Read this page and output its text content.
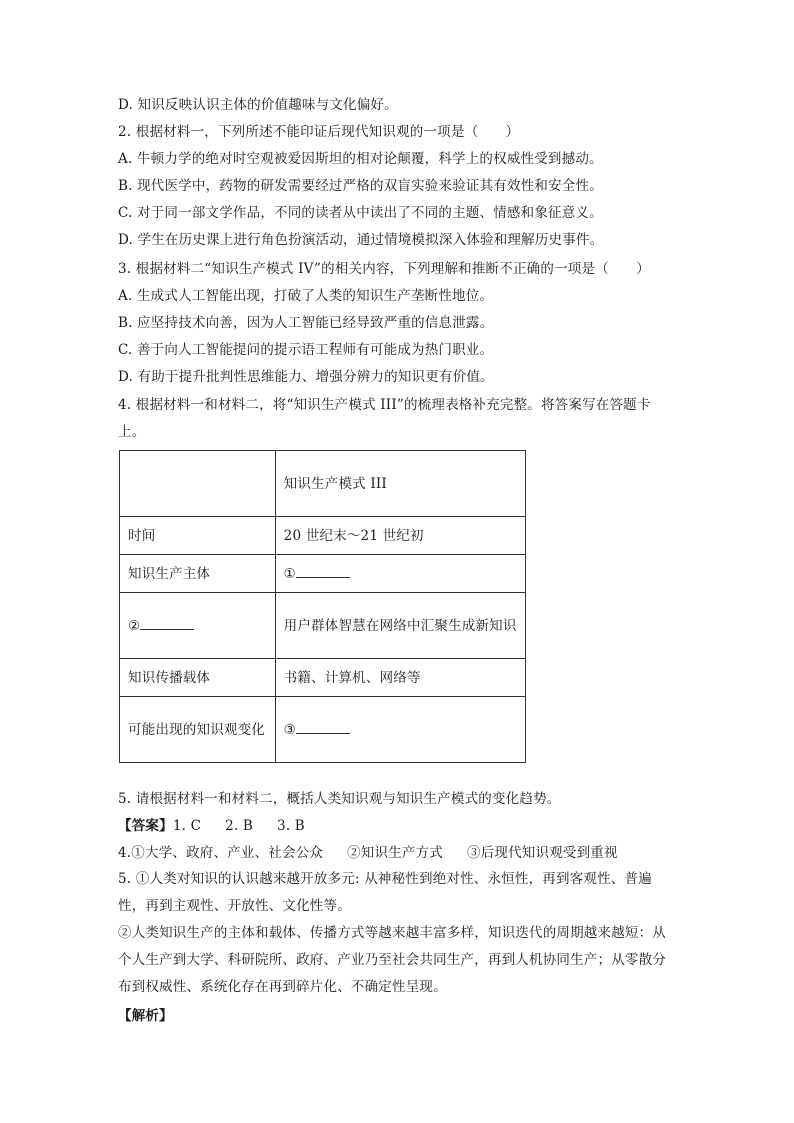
D. 知识反映认识主体的价值趣味与文化偏好。
2. 根据材料一，下列所述不能印证后现代知识观的一项是（　　）
A. 牛顿力学的绝对时空观被爱因斯坦的相对论颠覆，科学上的权威性受到撼动。
B. 现代医学中，药物的研发需要经过严格的双盲实验来验证其有效性和安全性。
C. 对于同一部文学作品，不同的读者从中读出了不同的主题、情感和象征意义。
D. 学生在历史课上进行角色扮演活动，通过情境模拟深入体验和理解历史事件。
3. 根据材料二“知识生产模式 IV”的相关内容，下列理解和推断不正确的一项是（　　）
A. 生成式人工智能出现，打破了人类的知识生产垄断性地位。
B. 应坚持技术向善，因为人工智能已经导致严重的信息泄露。
C. 善于向人工智能提问的提示语工程师有可能成为热门职业。
D. 有助于提升批判性思维能力、增强分辨力的知识更有价值。
4. 根据材料一和材料二，将“知识生产模式 III”的梳理表格补充完整。将答案写在答题卡上。
	知识生产模式 III
时间	20 世纪末～21 世纪初
知识生产主体	①
②	用户群体智慧在网络中汇聚生成新知识
知识传播载体	书籍、计算机、网络等
可能出现的知识观变化	③
5. 请根据材料一和材料二，概括人类知识观与知识生产模式的变化趋势。
【答案】1. C 2. B 3. B
4.①大学、政府、产业、社会公众 ②知识生产方式 ③后现代知识观受到重视
5. ①人类对知识的认识越来越开放多元: 从神秘性到绝对性、永恒性，再到客观性、普遍性，再到主观性、开放性、文化性等。
②人类知识生产的主体和载体、传播方式等越来越丰富多样，知识迭代的周期越来越短：从个人生产到大学、科研院所、政府、产业乃至社会共同生产，再到人机协同生产；从零散分布到权威性、系统化存在再到碎片化、不确定性呈现。
【解析】
